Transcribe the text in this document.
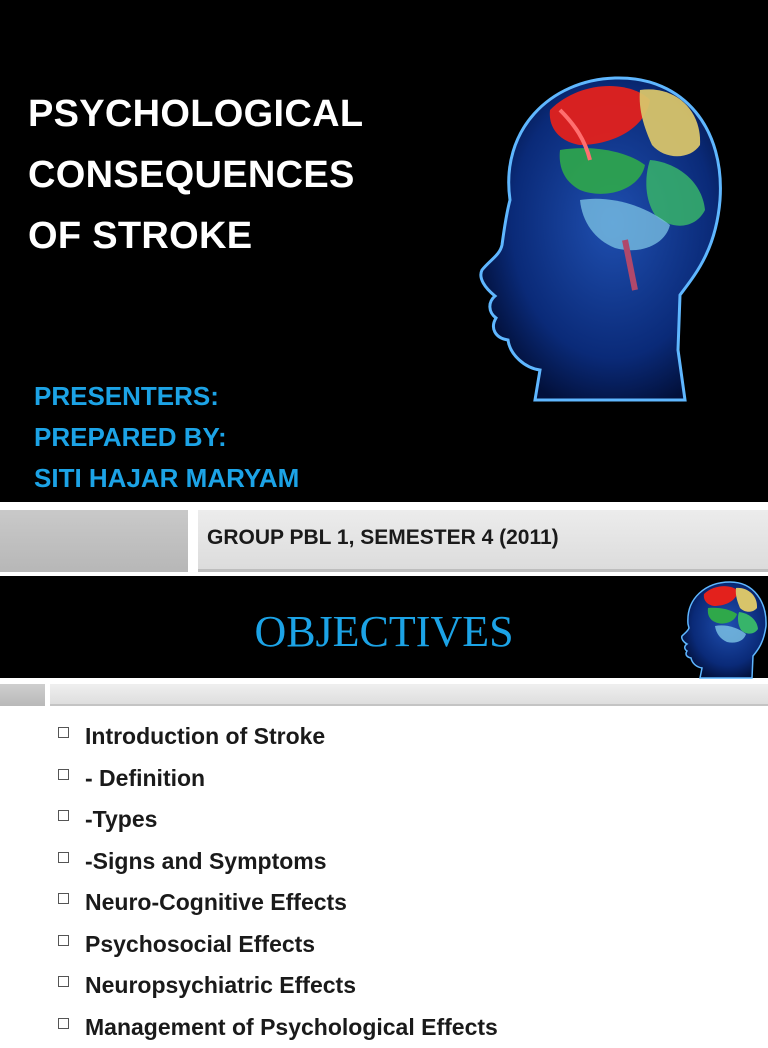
PSYCHOLOGICAL
CONSEQUENCES
OF STROKE
PRESENTERS:
PREPARED BY:
SITI HAJAR MARYAM
GROUP PBL 1, SEMESTER 4 (2011)
OBJECTIVES
Introduction of Stroke
- Definition
-Types
-Signs and Symptoms
Neuro-Cognitive Effects
Psychosocial Effects
Neuropsychiatric Effects
Management of Psychological Effects
